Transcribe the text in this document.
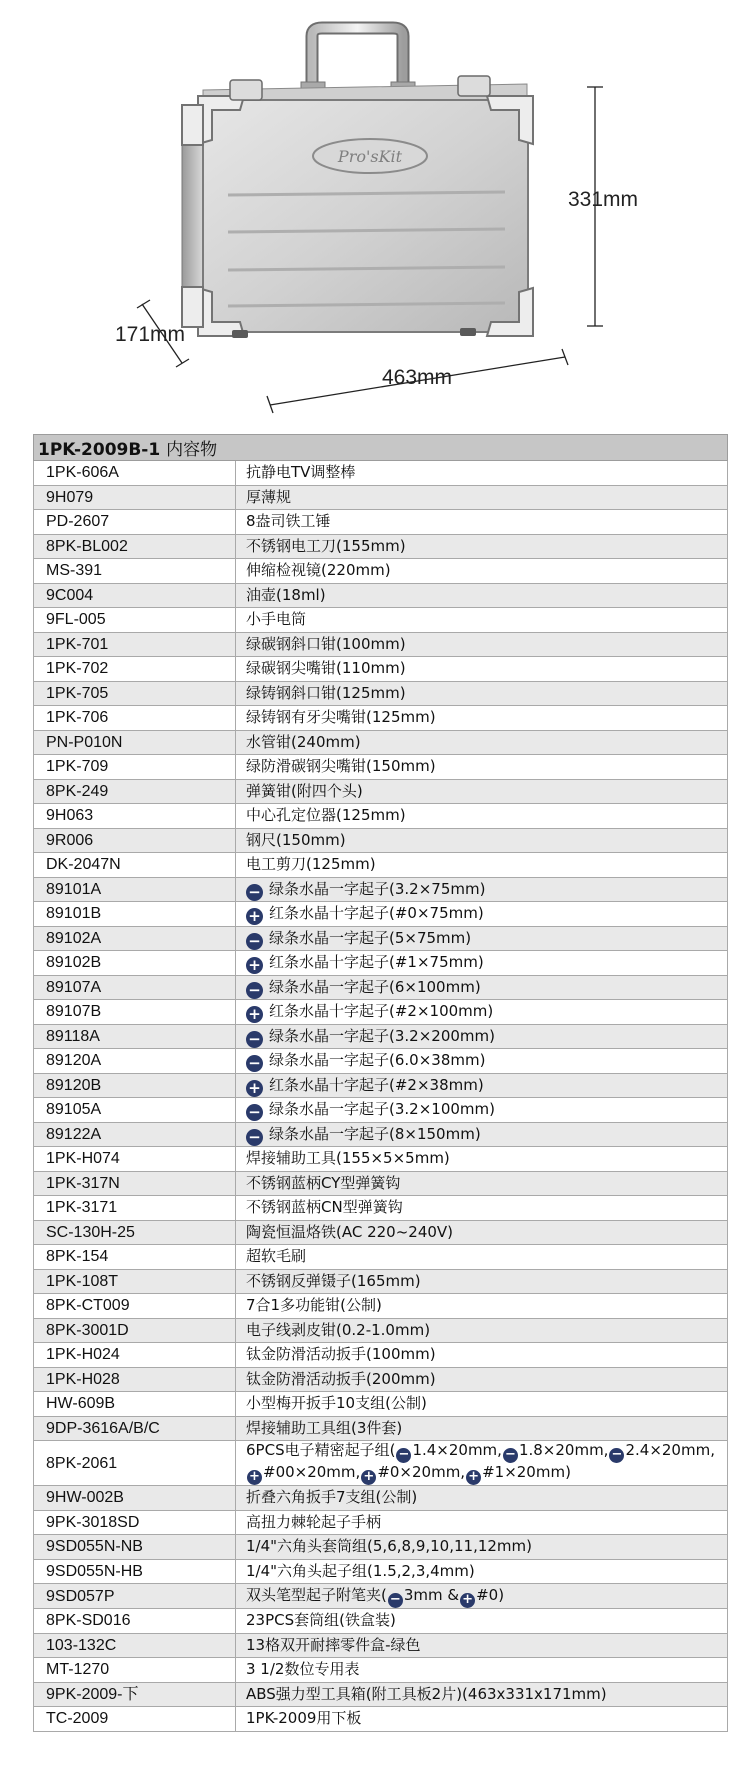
Pro'sKit
331mm
171mm
463mm
1PK-2009B-1 内容物	
1PK-606A	抗静电TV调整棒
9H079	厚薄规
PD-2607	8盎司铁工锤
8PK-BL002	不锈钢电工刀(155mm)
MS-391	伸缩检视镜(220mm)
9C004	油壶(18ml)
9FL-005	小手电筒
1PK-701	绿碳钢斜口钳(100mm)
1PK-702	绿碳钢尖嘴钳(110mm)
1PK-705	绿铸钢斜口钳(125mm)
1PK-706	绿铸钢有牙尖嘴钳(125mm)
PN-P010N	水管钳(240mm)
1PK-709	绿防滑碳钢尖嘴钳(150mm)
8PK-249	弹簧钳(附四个头)
9H063	中心孔定位器(125mm)
9R006	钢尺(150mm)
DK-2047N	电工剪刀(125mm)
89101A	− 绿条水晶一字起子(3.2×75mm)
89101B	+ 红条水晶十字起子(#0×75mm)
89102A	− 绿条水晶一字起子(5×75mm)
89102B	+ 红条水晶十字起子(#1×75mm)
89107A	− 绿条水晶一字起子(6×100mm)
89107B	+ 红条水晶十字起子(#2×100mm)
89118A	− 绿条水晶一字起子(3.2×200mm)
89120A	− 绿条水晶一字起子(6.0×38mm)
89120B	+ 红条水晶十字起子(#2×38mm)
89105A	− 绿条水晶一字起子(3.2×100mm)
89122A	− 绿条水晶一字起子(8×150mm)
1PK-H074	焊接辅助工具(155×5×5mm)
1PK-317N	不锈钢蓝柄CY型弹簧钩
1PK-3171	不锈钢蓝柄CN型弹簧钩
SC-130H-25	陶瓷恒温烙铁(AC 220~240V)
8PK-154	超软毛刷
1PK-108T	不锈钢反弹镊子(165mm)
8PK-CT009	7合1多功能钳(公制)
8PK-3001D	电子线剥皮钳(0.2-1.0mm)
1PK-H024	钛金防滑活动扳手(100mm)
1PK-H028	钛金防滑活动扳手(200mm)
HW-609B	小型梅开扳手10支组(公制)
9DP-3616A/B/C	焊接辅助工具组(3件套)
8PK-2061	6PCS电子精密起子组( − 1.4×20mm, − 1.8×20mm, − 2.4×20mm,+ #00×20mm, + #0×20mm, + #1×20mm)
9HW-002B	折叠六角扳手7支组(公制)
9PK-3018SD	高扭力棘轮起子手柄
9SD055N-NB	1/4"六角头套筒组(5,6,8,9,10,11,12mm)
9SD055N-HB	1/4"六角头起子组(1.5,2,3,4mm)
9SD057P	双头笔型起子附笔夹( − 3mm & + #0)
8PK-SD016	23PCS套筒组(铁盒装)
103-132C	13格双开耐摔零件盒-绿色
MT-1270	3 1/2数位专用表
9PK-2009-下	ABS强力型工具箱(附工具板2片)(463x331x171mm)
TC-2009	1PK-2009用下板
